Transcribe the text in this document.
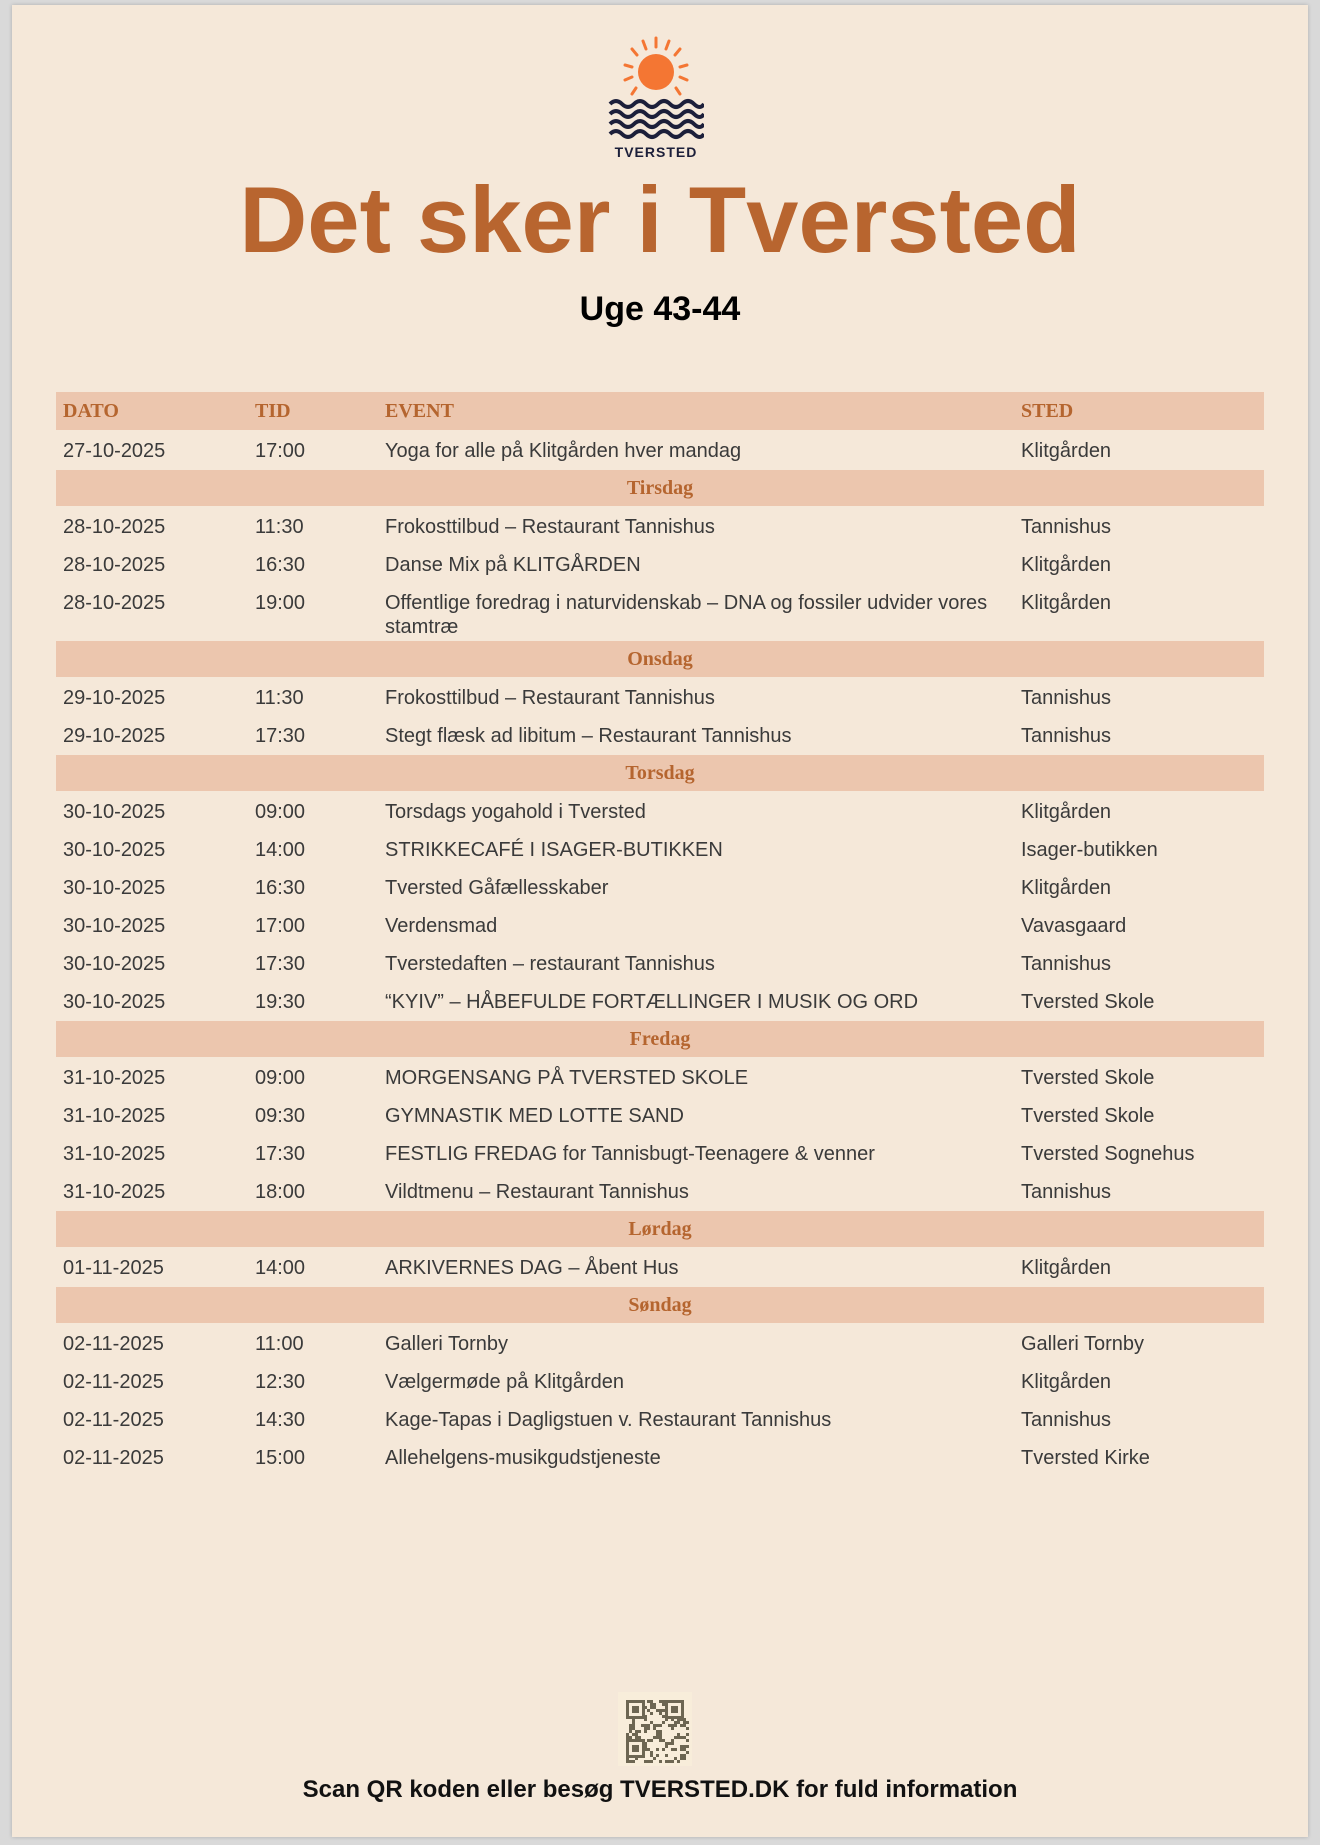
TVERSTED
Det sker i Tversted
Uge 43-44
DATO	TID	EVENT	STED
27-10-2025	17:00	Yoga for alle på Klitgården hver mandag	Klitgården
Tirsdag			
28-10-2025	11:30	Frokosttilbud – Restaurant Tannishus	Tannishus
28-10-2025	16:30	Danse Mix på KLITGÅRDEN	Klitgården
28-10-2025	19:00	Offentlige foredrag i naturvidenskab – DNA og fossiler udvider vores stamtræ	Klitgården
Onsdag			
29-10-2025	11:30	Frokosttilbud – Restaurant Tannishus	Tannishus
29-10-2025	17:30	Stegt flæsk ad libitum – Restaurant Tannishus	Tannishus
Torsdag			
30-10-2025	09:00	Torsdags yogahold i Tversted	Klitgården
30-10-2025	14:00	STRIKKECAFÉ I ISAGER-BUTIKKEN	Isager-butikken
30-10-2025	16:30	Tversted Gåfællesskaber	Klitgården
30-10-2025	17:00	Verdensmad	Vavasgaard
30-10-2025	17:30	Tverstedaften – restaurant Tannishus	Tannishus
30-10-2025	19:30	“KYIV” – HÅBEFULDE FORTÆLLINGER I MUSIK OG ORD	Tversted Skole
Fredag			
31-10-2025	09:00	MORGENSANG PÅ TVERSTED SKOLE	Tversted Skole
31-10-2025	09:30	GYMNASTIK MED LOTTE SAND	Tversted Skole
31-10-2025	17:30	FESTLIG FREDAG for Tannisbugt-Teenagere & venner	Tversted Sognehus
31-10-2025	18:00	Vildtmenu – Restaurant Tannishus	Tannishus
Lørdag			
01-11-2025	14:00	ARKIVERNES DAG – Åbent Hus	Klitgården
Søndag			
02-11-2025	11:00	Galleri Tornby	Galleri Tornby
02-11-2025	12:30	Vælgermøde på Klitgården	Klitgården
02-11-2025	14:30	Kage-Tapas i Dagligstuen v. Restaurant Tannishus	Tannishus
02-11-2025	15:00	Allehelgens-musikgudstjeneste	Tversted Kirke
Scan QR koden eller besøg TVERSTED.DK for fuld information
